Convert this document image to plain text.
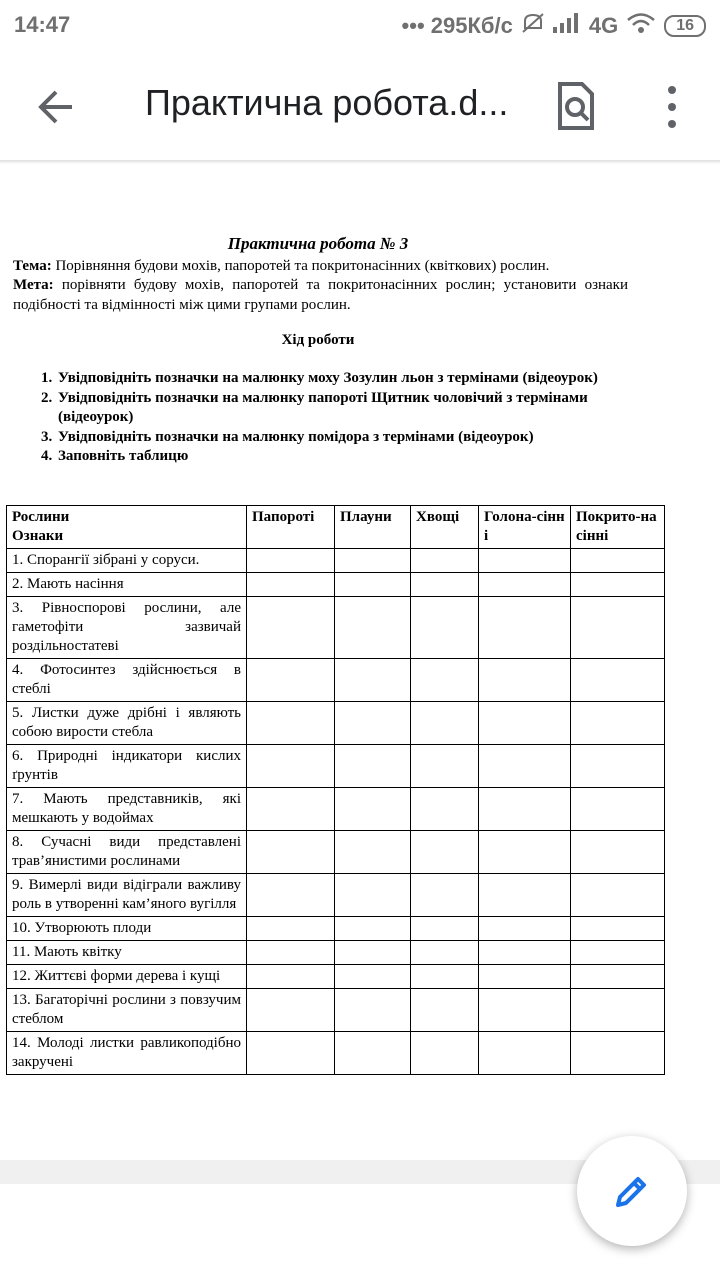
14:47	••• 295Кб/с	4G	16
Практична робота.d...
Практична робота № 3
Тема: Порівняння будови мохів, папоротей та покритонасінних (квіткових) рослин.
Мета: порівняти будову мохів, папоротей та покритонасінних рослин; установити ознаки подібності та відмінності між цими групами рослин.
Хід роботи
1. Увідповідніть позначки на малюнку моху Зозулин льон з термінами (відеоурок)
2. Увідповідніть позначки на малюнку папороті Щитник чоловічий з термінами (відеоурок)
3. Увідповідніть позначки на малюнку помідора з термінами (відеоурок)
4. Заповніть таблицю
Рослини
Ознаки	Папороті	Плауни	Хвощі	Голона-сінні	Покрито-насінні
1. Спорангії зібрані у соруси.					
2. Мають насіння					
3. Рівноспорові рослини, але гаметофіти зазвичай роздільностатеві					
4. Фотосинтез здійснюється в стеблі					
5. Листки дуже дрібні і являють собою вирости стебла					
6. Природні індикатори кислих ґрунтів					
7. Мають представників, які мешкають у водоймах					
8. Сучасні види представлені трав’янистими рослинами					
9. Вимерлі види відіграли важливу роль в утворенні кам’яного вугілля					
10. Утворюють плоди					
11. Мають квітку					
12. Життєві форми дерева і кущі					
13. Багаторічні рослини з повзучим стеблом					
14. Молоді листки равликоподібно закручені					
